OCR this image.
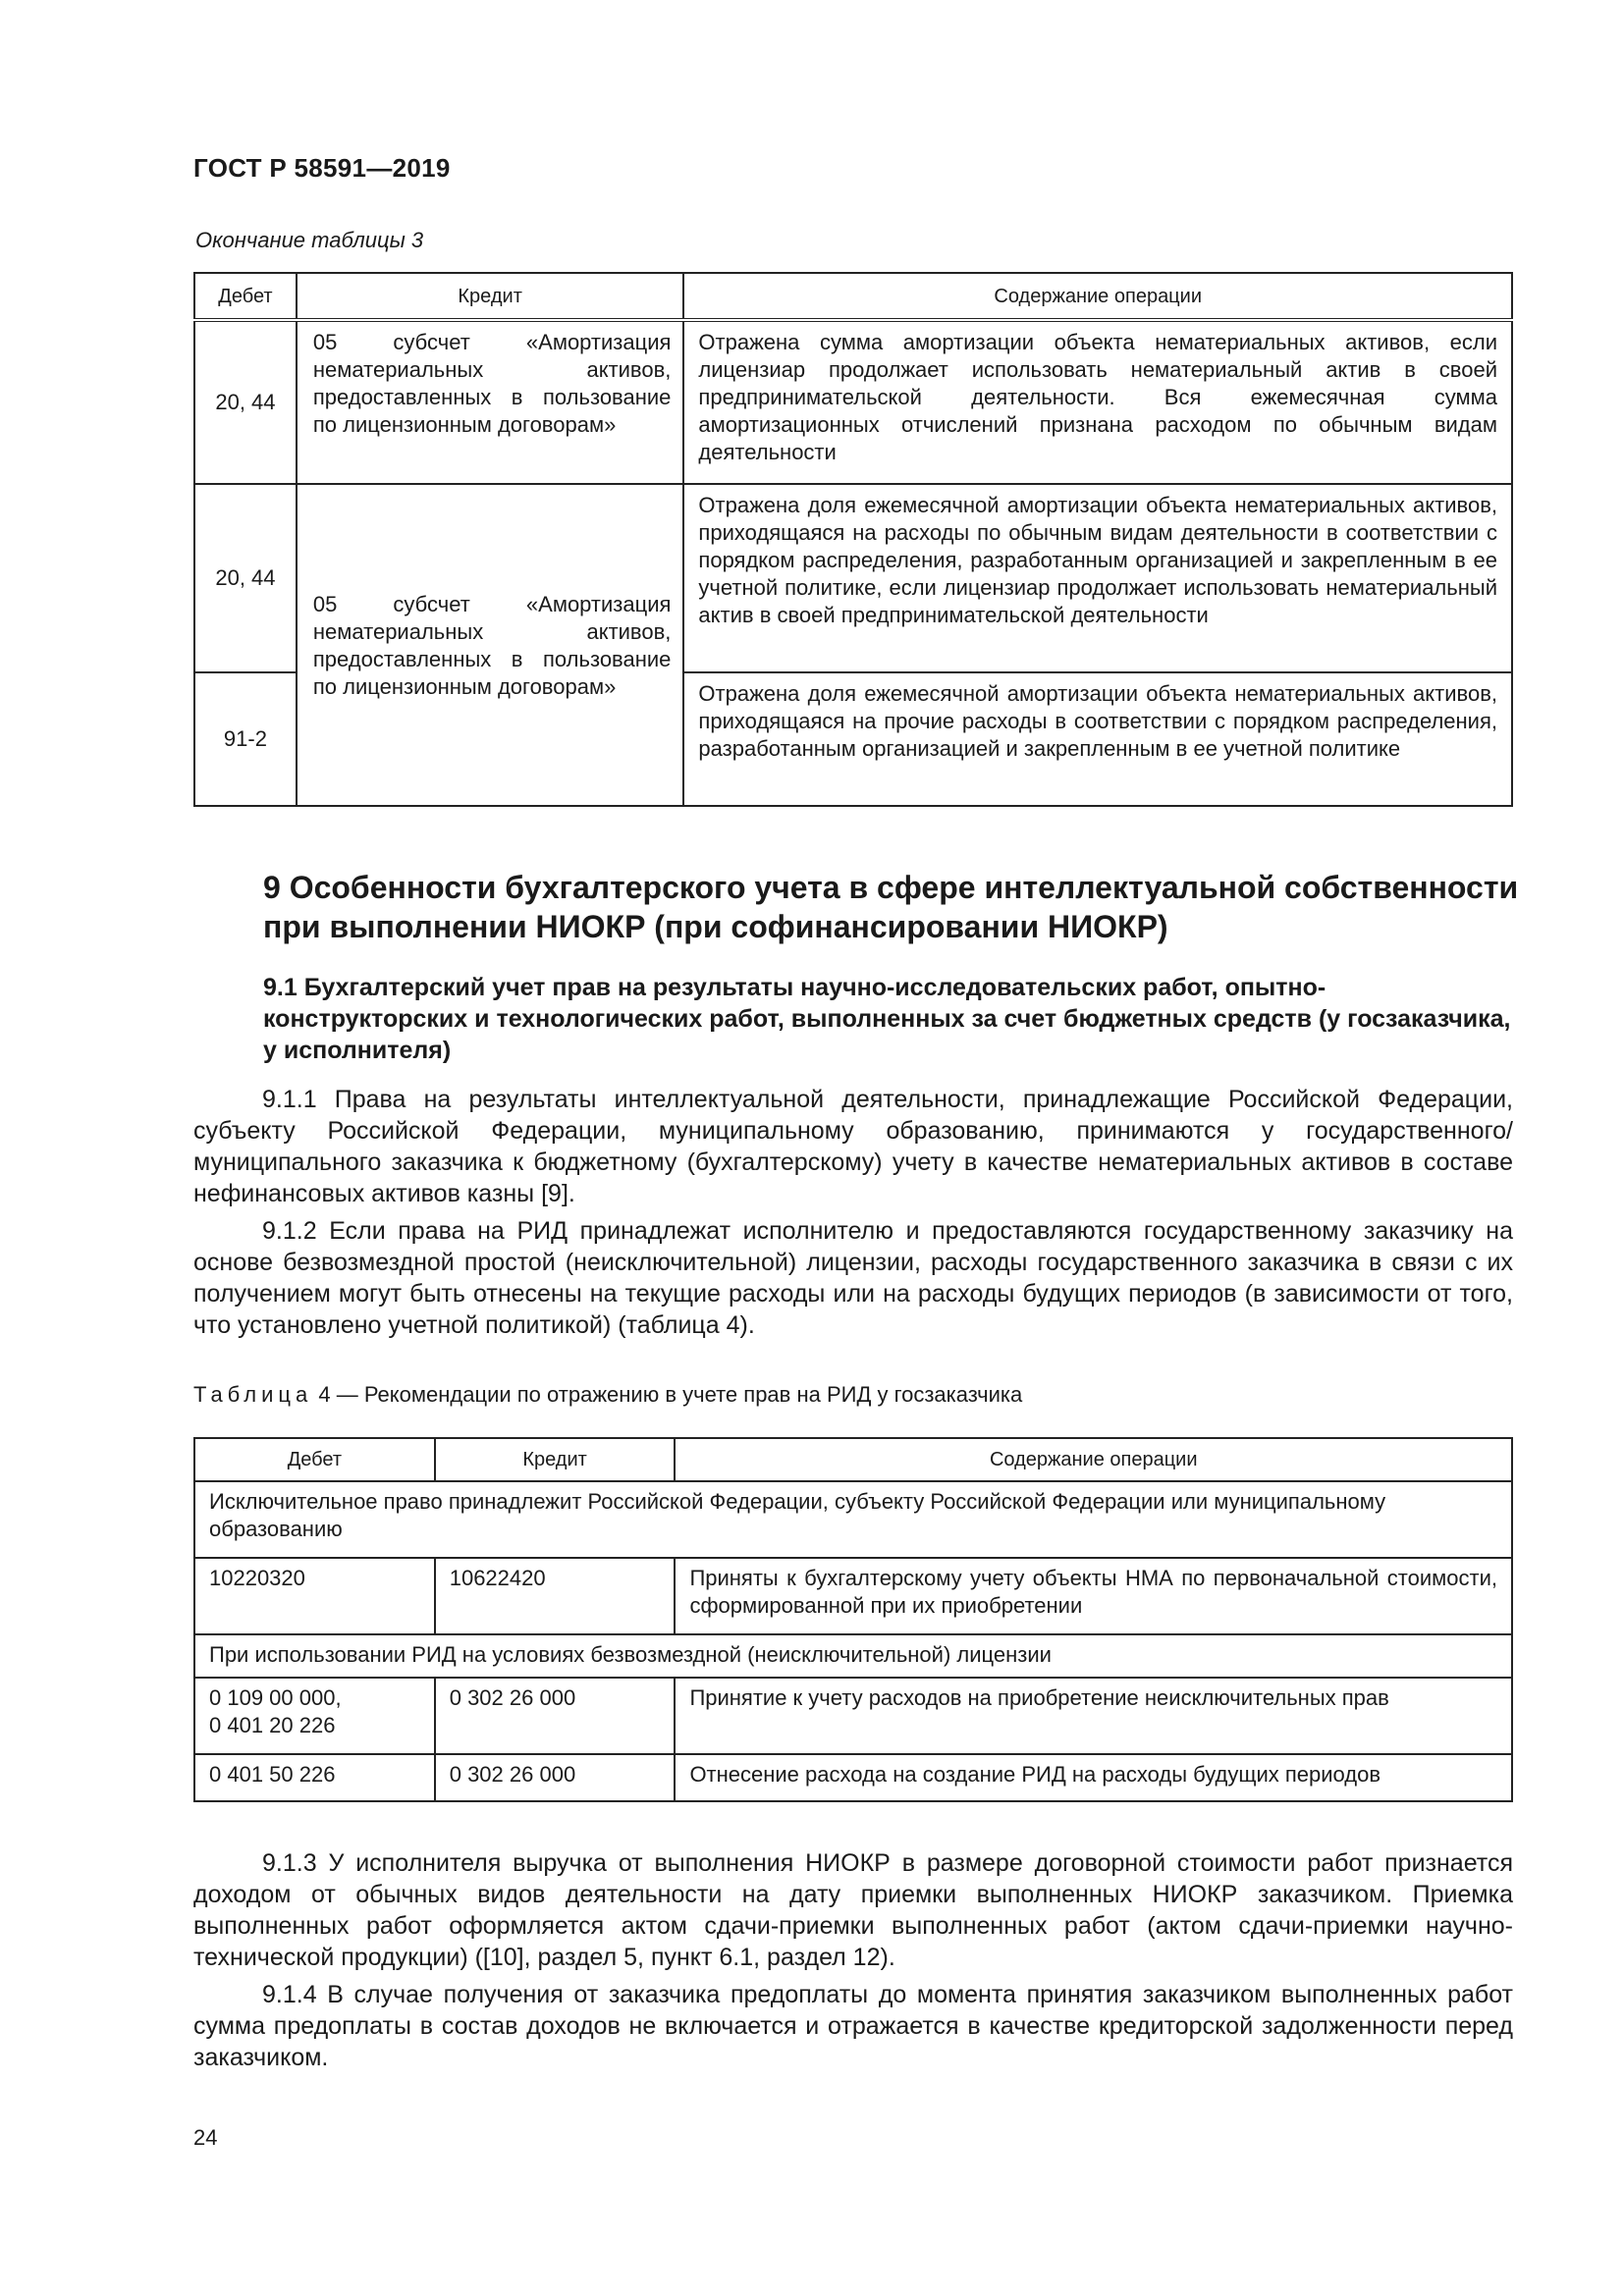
ГОСТ Р 58591—2019
Окончание таблицы 3
Дебет	Кредит	Содержание операции
20, 44	05 субсчет «Амортизация нематериальных активов, предоставленных в пользование по лицензионным договорам»	Отражена сумма амортизации объекта нематериальных активов, если лицензиар продолжает использовать нематериальный актив в своей предпринимательской деятельности. Вся ежемесячная сумма амортизационных отчислений признана расходом по обычным видам деятельности
20, 44	05 субсчет «Амортизация нематериальных активов, предоставленных в пользование по лицензионным договорам»	Отражена доля ежемесячной амортизации объекта нематериальных активов, приходящаяся на расходы по обычным видам деятельности в соответствии с порядком распределения, разработанным организацией и закрепленным в ее учетной политике, если лицензиар продолжает использовать нематериальный актив в своей предпринимательской деятельности
91-2		Отражена доля ежемесячной амортизации объекта нематериальных активов, приходящаяся на прочие расходы в соответствии с порядком распределения, разработанным организацией и закрепленным в ее учетной политике
9 Особенности бухгалтерского учета в сфере интеллектуальной собственности при выполнении НИОКР (при софинансировании НИОКР)
9.1 Бухгалтерский учет прав на результаты научно-исследовательских работ, опытно-конструкторских и технологических работ, выполненных за счет бюджетных средств (у госзаказчика, у исполнителя)
9.1.1 Права на результаты интеллектуальной деятельности, принадлежащие Российской Федерации, субъекту Российской Федерации, муниципальному образованию, принимаются у государственного/муниципального заказчика к бюджетному (бухгалтерскому) учету в качестве нематериальных активов в составе нефинансовых активов казны [9].
9.1.2 Если права на РИД принадлежат исполнителю и предоставляются государственному заказчику на основе безвозмездной простой (неисключительной) лицензии, расходы государственного заказчика в связи с их получением могут быть отнесены на текущие расходы или на расходы будущих периодов (в зависимости от того, что установлено учетной политикой) (таблица 4).
Таблица 4 — Рекомендации по отражению в учете прав на РИД у госзаказчика
Дебет	Кредит	Содержание операции
Исключительное право принадлежит Российской Федерации, субъекту Российской Федерации или муниципальному образованию		
10220320	10622420	Приняты к бухгалтерскому учету объекты НМА по первоначальной стоимости, сформированной при их приобретении
При использовании РИД на условиях безвозмездной (неисключительной) лицензии		

0 109 00 000,
0 401 20 226	0 302 26 000	Принятие к учету расходов на приобретение неисключительных прав
0 401 50 226	0 302 26 000	Отнесение расхода на создание РИД на расходы будущих периодов
9.1.3 У исполнителя выручка от выполнения НИОКР в размере договорной стоимости работ признается доходом от обычных видов деятельности на дату приемки выполненных НИОКР заказчиком. Приемка выполненных работ оформляется актом сдачи-приемки выполненных работ (актом сдачи-приемки научно-технической продукции) ([10], раздел 5, пункт 6.1, раздел 12).
9.1.4 В случае получения от заказчика предоплаты до момента принятия заказчиком выполненных работ сумма предоплаты в состав доходов не включается и отражается в качестве кредиторской задолженности перед заказчиком.
24
